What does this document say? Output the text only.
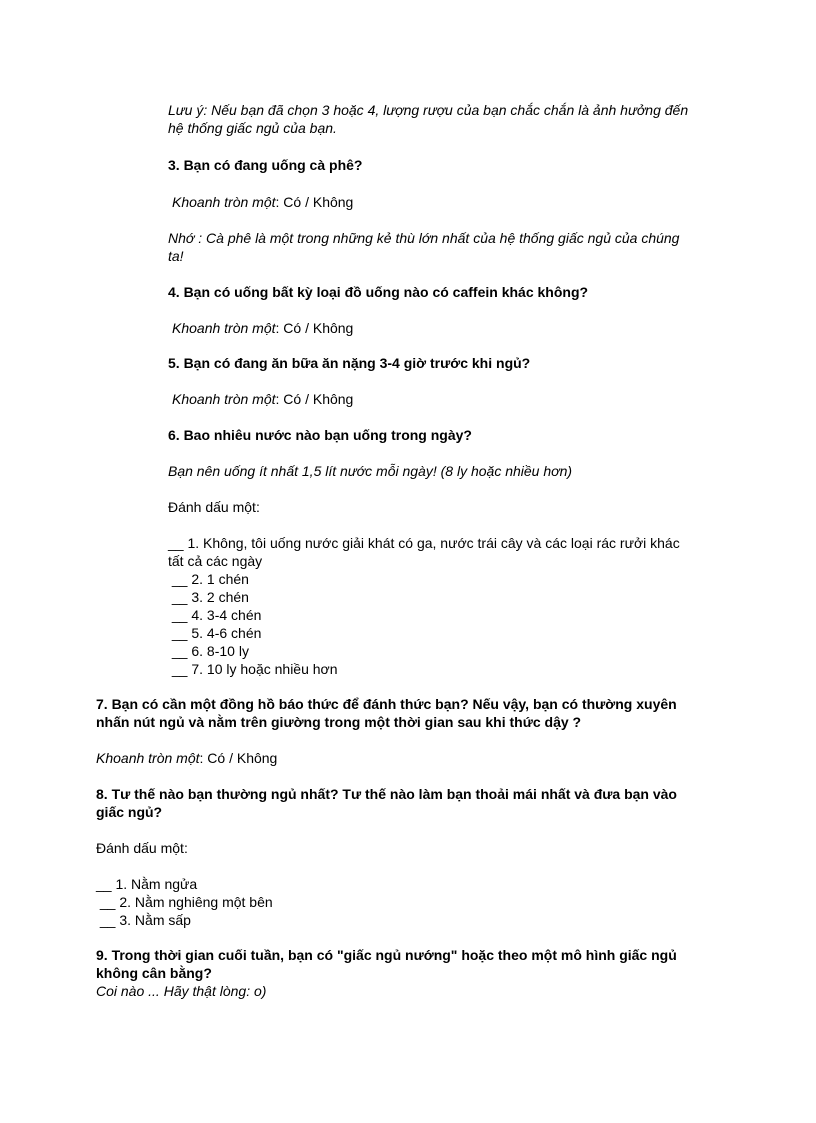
Lưu ý: Nếu bạn đã chọn 3 hoặc 4, lượng rượu của bạn chắc chắn là ảnh hưởng đến
hệ thống giấc ngủ của bạn.
3. Bạn có đang uống cà phê?
Khoanh tròn một: Có / Không
Nhớ : Cà phê là một trong những kẻ thù lớn nhất của hệ thống giấc ngủ của chúng
ta!
4. Bạn có uống bất kỳ loại đồ uống nào có caffein khác không?
Khoanh tròn một: Có / Không
5. Bạn có đang ăn bữa ăn nặng 3-4 giờ trước khi ngủ?
Khoanh tròn một: Có / Không
6. Bao nhiêu nước nào bạn uống trong ngày?
Bạn nên uống ít nhất 1,5 lít nước mỗi ngày! (8 ly hoặc nhiều hơn)
Đánh dấu một:
__ 1. Không, tôi uống nước giải khát có ga, nước trái cây và các loại rác rưởi khác
tất cả các ngày
__ 2. 1 chén
__ 3. 2 chén
__ 4. 3-4 chén
__ 5. 4-6 chén
__ 6. 8-10 ly
__ 7. 10 ly hoặc nhiều hơn
7. Bạn có cần một đồng hồ báo thức để đánh thức bạn? Nếu vậy, bạn có thường xuyên
nhấn nút ngủ và nằm trên giường trong một thời gian sau khi thức dậy ?
Khoanh tròn một: Có / Không
8. Tư thế nào bạn thường ngủ nhất? Tư thế nào làm bạn thoải mái nhất và đưa bạn vào
giấc ngủ?
Đánh dấu một:
__ 1. Nằm ngửa
__ 2. Nằm nghiêng một bên
__ 3. Nằm sấp
9. Trong thời gian cuối tuần, bạn có "giấc ngủ nướng" hoặc theo một mô hình giấc ngủ
không cân bằng?
Coi nào ... Hãy thật lòng: o)
